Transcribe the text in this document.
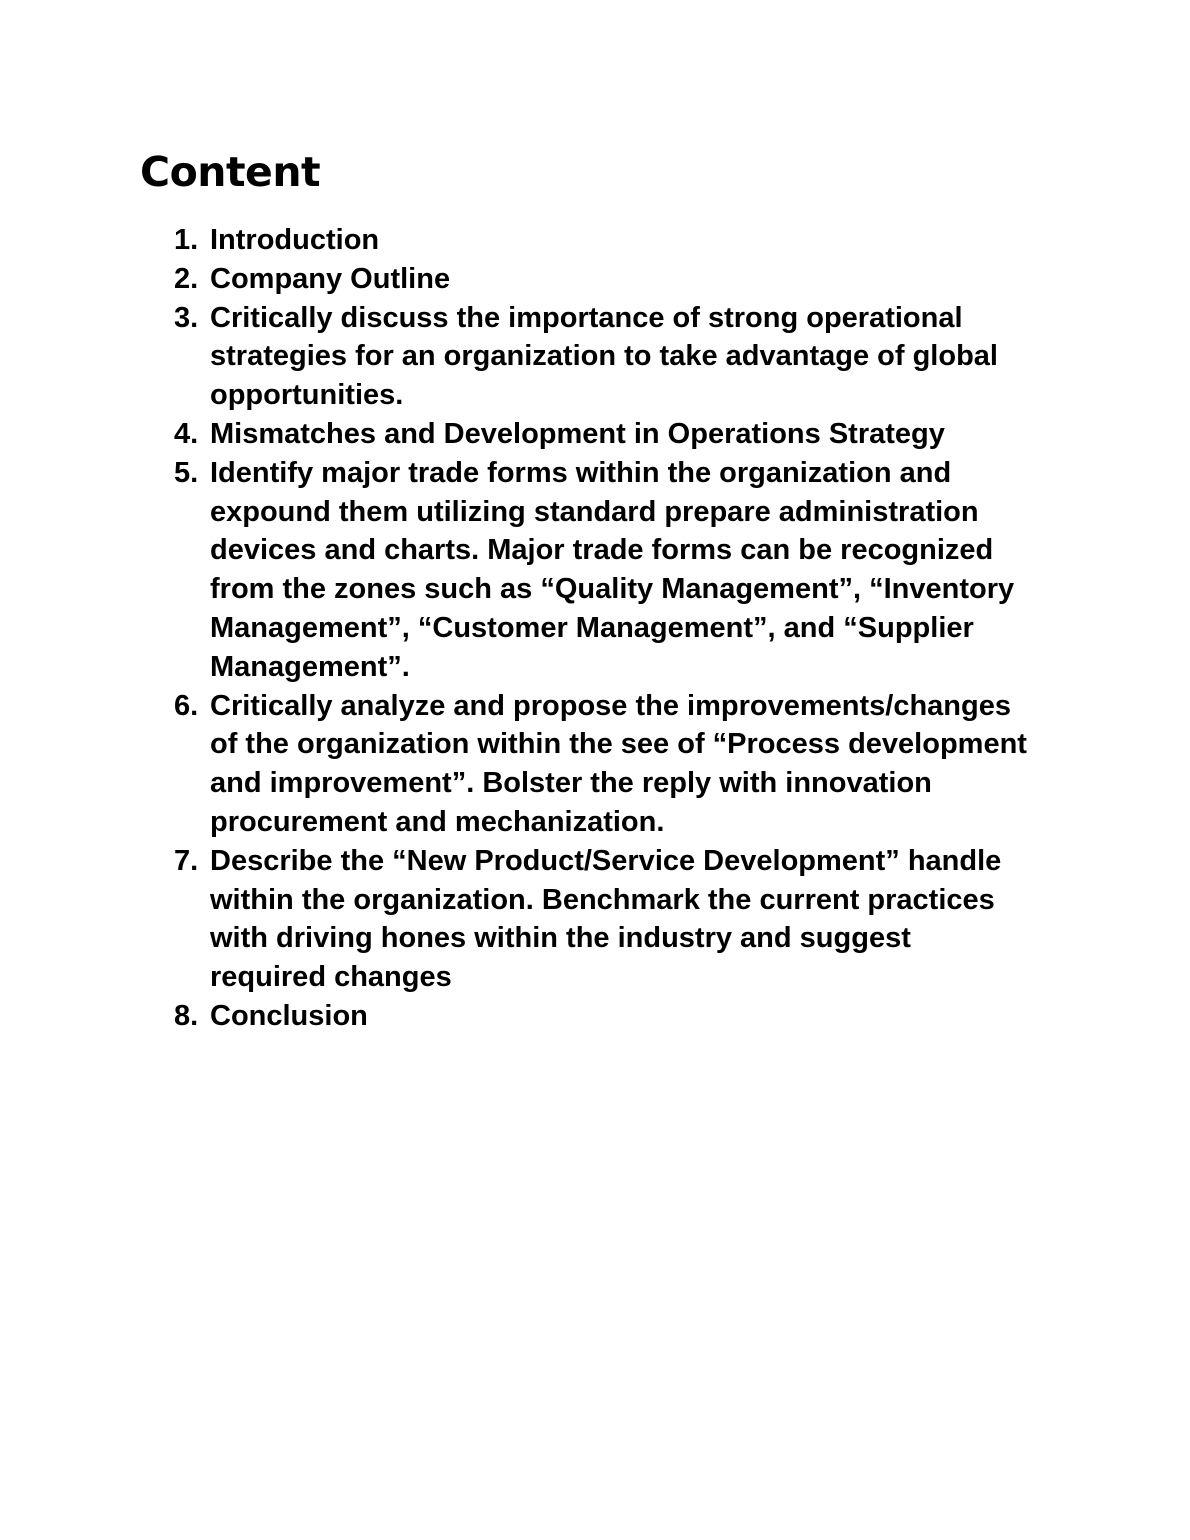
Content
1. Introduction
2. Company Outline
3. Critically discuss the importance of strong operational strategies for an organization to take advantage of global opportunities.
4. Mismatches and Development in Operations Strategy
5. Identify major trade forms within the organization and expound them utilizing standard prepare administration devices and charts. Major trade forms can be recognized from the zones such as “Quality Management”, “Inventory Management”, “Customer Management”, and “Supplier Management”.
6. Critically analyze and propose the improvements/changes of the organization within the see of “Process development and improvement”. Bolster the reply with innovation procurement and mechanization.
7. Describe the “New Product/Service Development” handle within the organization. Benchmark the current practices with driving hones within the industry and suggest required changes
8. Conclusion
